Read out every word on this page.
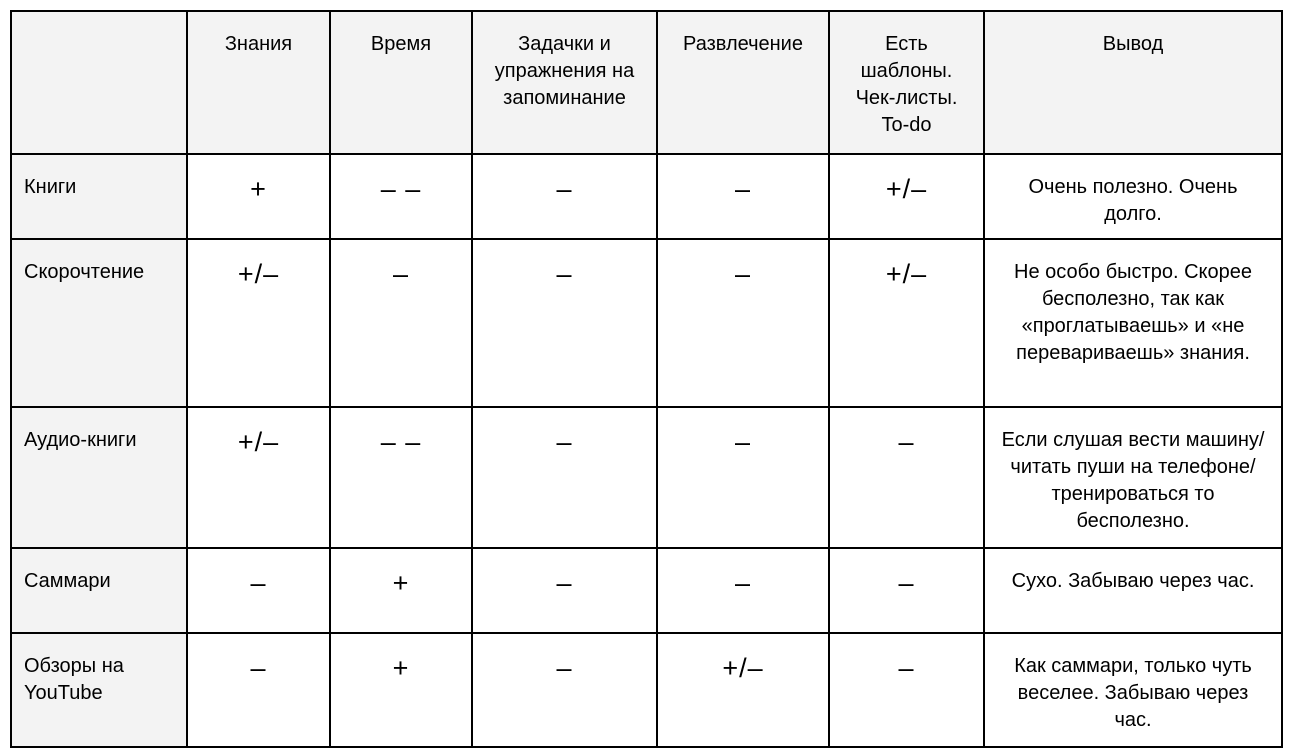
	Знания	Время	Задачки и упражнения на запоминание	Развлечение	Есть шаблоны. Чек-листы. To-do	Вывод
Книги	+	– –	–	–	+/–	Очень полезно. Очень долго.
Скорочтение	+/–	–	–	–	+/–	Не особо быстро. Скорее бесполезно, так как «проглатываешь» и «не перевариваешь» знания.
Аудио-книги	+/–	– –	–	–	–	Если слушая вести машину/читать пуши на телефоне/тренироваться то бесполезно.
Саммари	–	+	–	–	–	Сухо. Забываю через час.
Обзоры на YouTube	–	+	–	+/–	–	Как саммари, только чуть веселее. Забываю через час.
